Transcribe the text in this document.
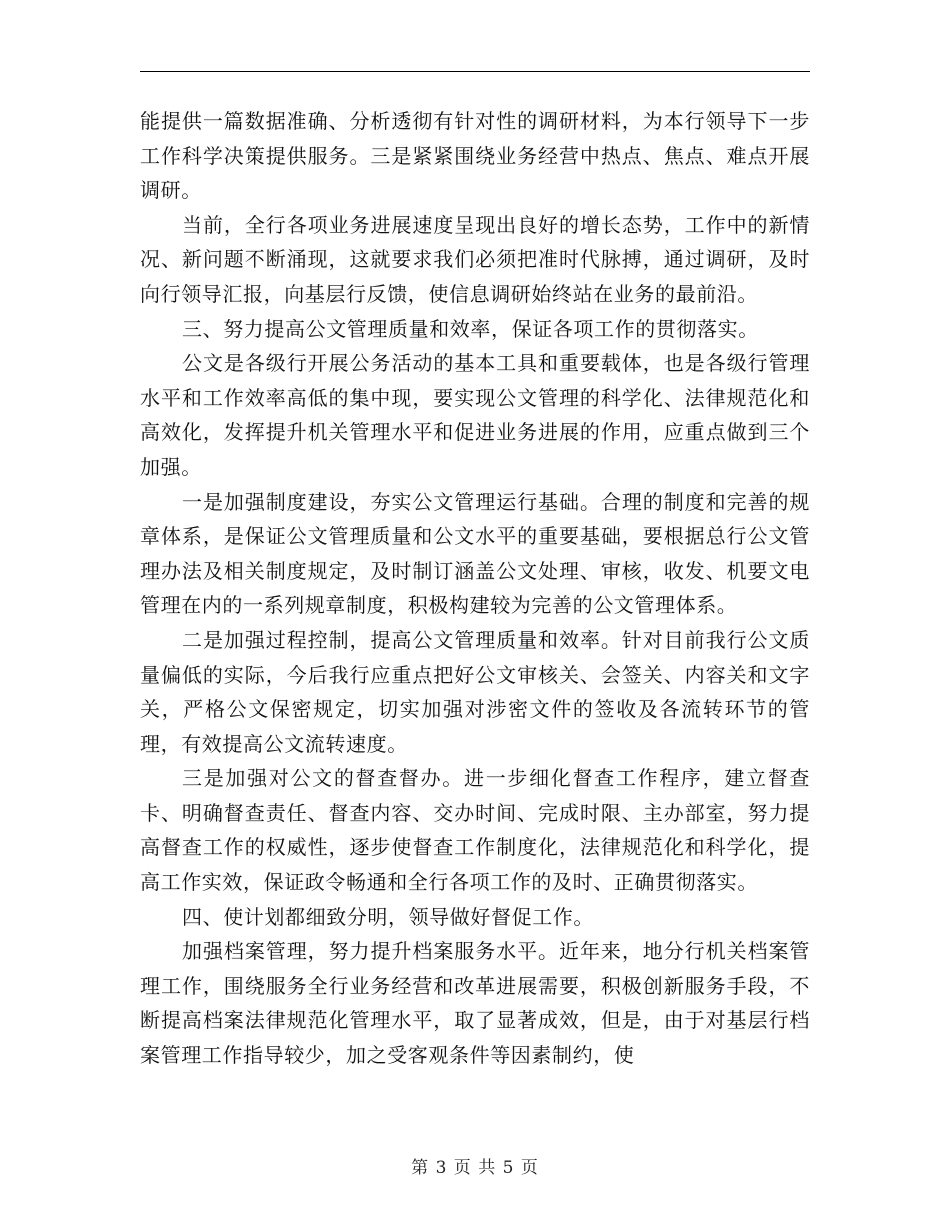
能提供一篇数据准确、分析透彻有针对性的调研材料，为本行领导下一步工作科学决策提供服务。三是紧紧围绕业务经营中热点、焦点、难点开展调研。

当前，全行各项业务进展速度呈现出良好的增长态势，工作中的新情况、新问题不断涌现，这就要求我们必须把准时代脉搏，通过调研，及时向行领导汇报，向基层行反馈，使信息调研始终站在业务的最前沿。

三、努力提高公文管理质量和效率，保证各项工作的贯彻落实。

公文是各级行开展公务活动的基本工具和重要载体，也是各级行管理水平和工作效率高低的集中现，要实现公文管理的科学化、法律规范化和高效化，发挥提升机关管理水平和促进业务进展的作用，应重点做到三个加强。

一是加强制度建设，夯实公文管理运行基础。合理的制度和完善的规章体系，是保证公文管理质量和公文水平的重要基础，要根据总行公文管理办法及相关制度规定，及时制订涵盖公文处理、审核，收发、机要文电管理在内的一系列规章制度，积极构建较为完善的公文管理体系。

二是加强过程控制，提高公文管理质量和效率。针对目前我行公文质量偏低的实际，今后我行应重点把好公文审核关、会签关、内容关和文字关，严格公文保密规定，切实加强对涉密文件的签收及各流转环节的管理，有效提高公文流转速度。

三是加强对公文的督查督办。进一步细化督查工作程序，建立督查卡、明确督查责任、督查内容、交办时间、完成时限、主办部室，努力提高督查工作的权威性，逐步使督查工作制度化，法律规范化和科学化，提高工作实效，保证政令畅通和全行各项工作的及时、正确贯彻落实。

四、使计划都细致分明，领导做好督促工作。

加强档案管理，努力提升档案服务水平。近年来，地分行机关档案管理工作，围绕服务全行业务经营和改革进展需要，积极创新服务手段，不断提高档案法律规范化管理水平，取了显著成效，但是，由于对基层行档案管理工作指导较少，加之受客观条件等因素制约，使

第 3 页 共 5 页
